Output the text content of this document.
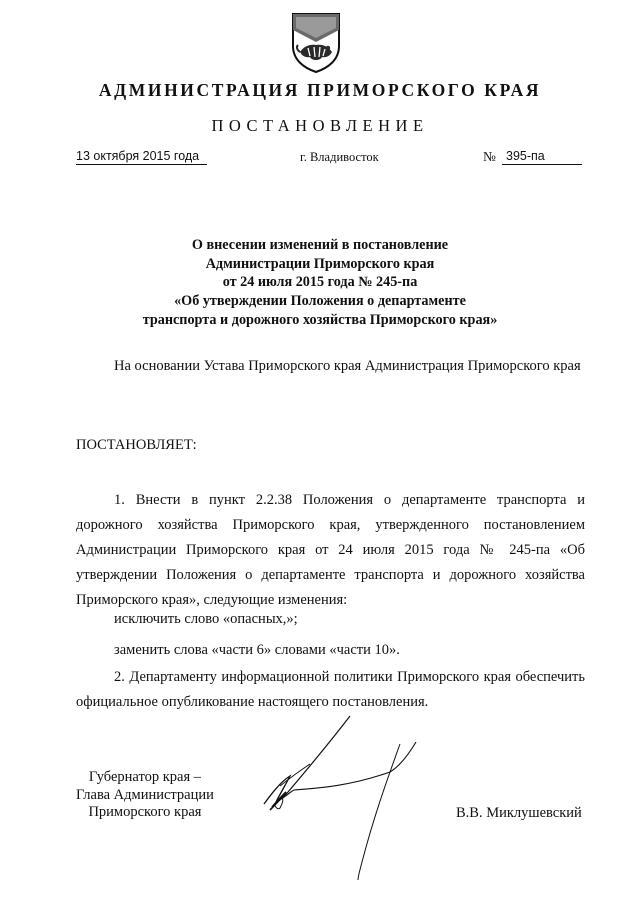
АДМИНИСТРАЦИЯ ПРИМОРСКОГО КРАЯ
ПОСТАНОВЛЕНИЕ
13 октября 2015 года	г. Владивосток	№ 395-па
О внесении изменений в постановление
Администрации Приморского края
от 24 июля 2015 года № 245-па
«Об утверждении Положения о департаменте
транспорта и дорожного хозяйства Приморского края»
На основании Устава Приморского края Администрация Приморского края
ПОСТАНОВЛЯЕТ:
1. Внести в пункт 2.2.38 Положения о департаменте транспорта и дорожного хозяйства Приморского края, утвержденного постановлением Администрации Приморского края от 24 июля 2015 года № 245-па «Об утверждении Положения о департаменте транспорта и дорожного хозяйства Приморского края», следующие изменения:
исключить слово «опасных,»;
заменить слова «части 6» словами «части 10».
2. Департаменту информационной политики Приморского края обеспечить официальное опубликование настоящего постановления.
Губернатор края –
Глава Администрации
Приморского края	В.В. Миклушевский
